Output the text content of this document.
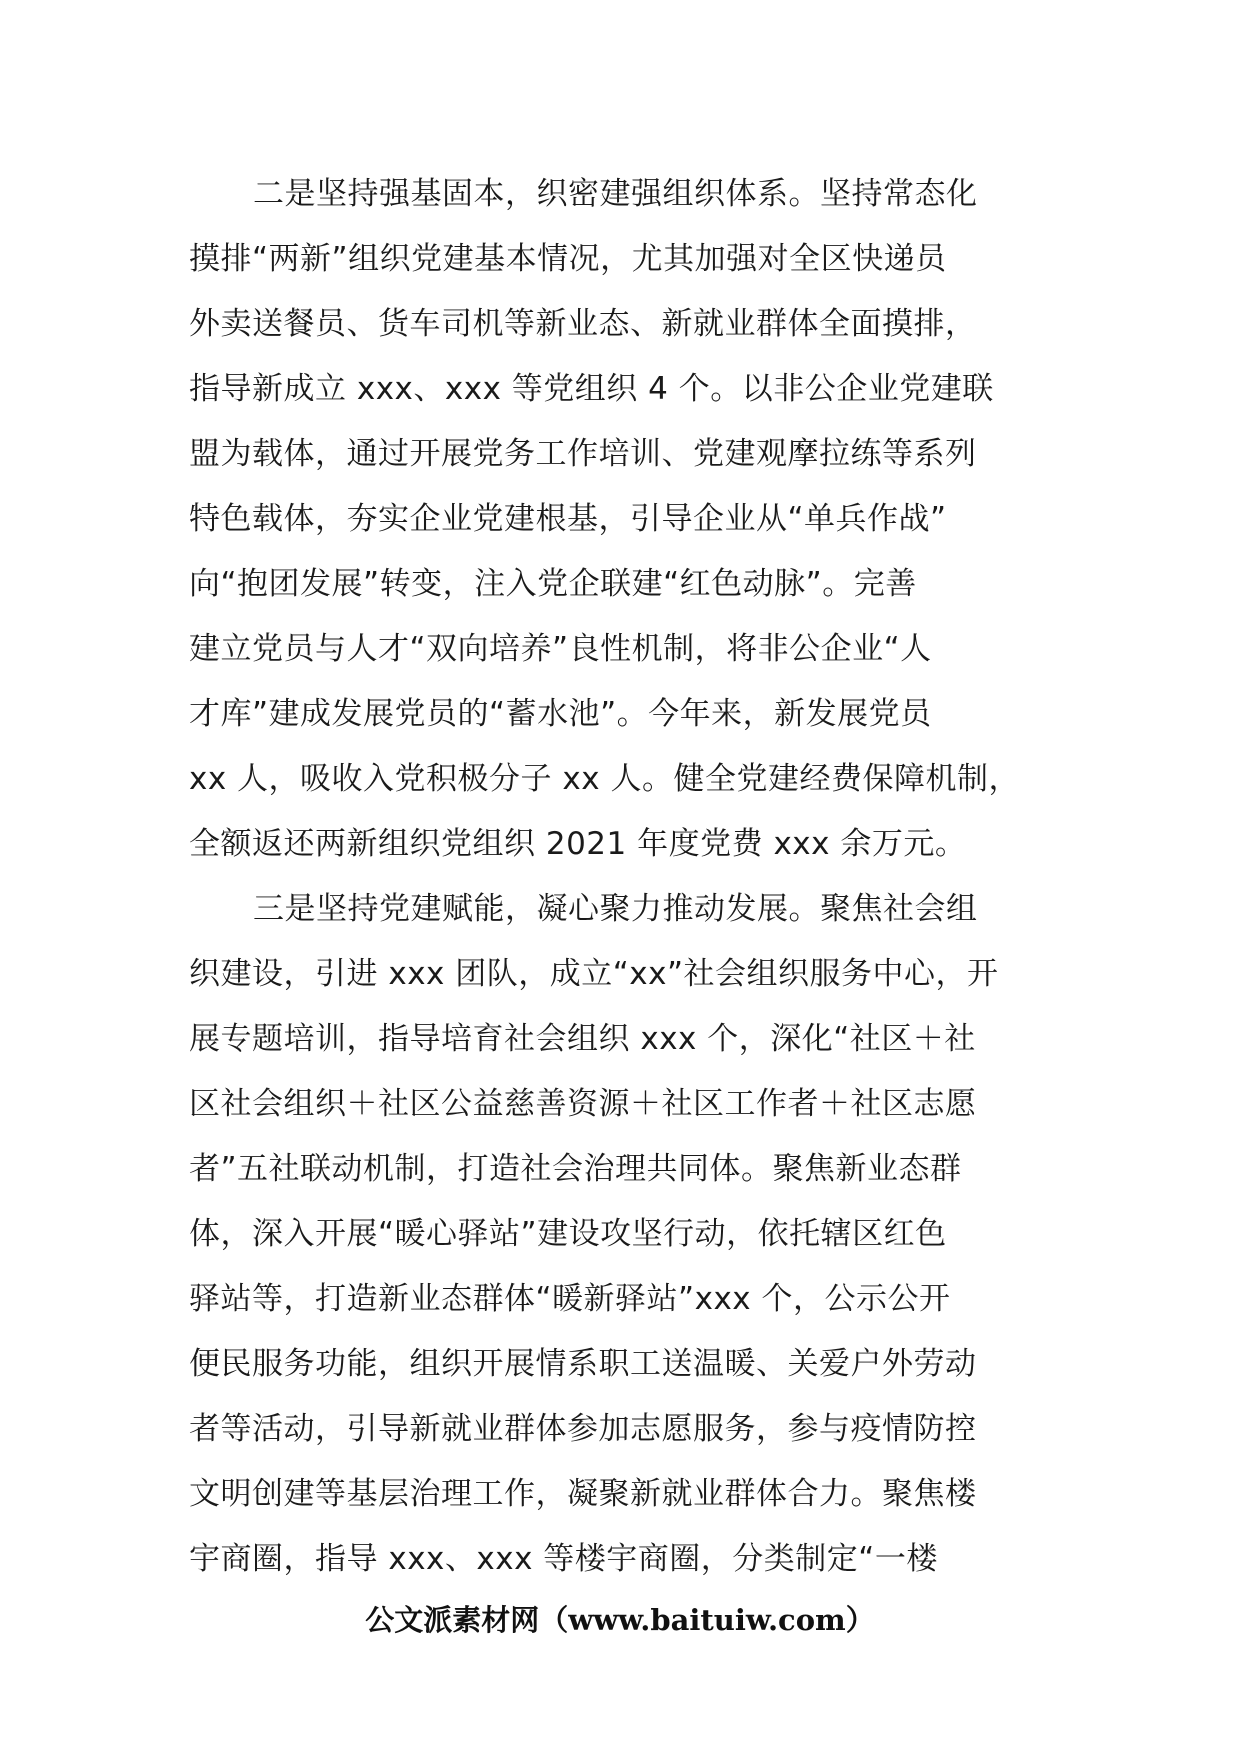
二是坚持强基固本，织密建强组织体系。坚持常态化
摸排“两新”组织党建基本情况，尤其加强对全区快递员
外卖送餐员、货车司机等新业态、新就业群体全面摸排，
指导新成立 xxx、xxx 等党组织 4 个。以非公企业党建联
盟为载体，通过开展党务工作培训、党建观摩拉练等系列
特色载体，夯实企业党建根基，引导企业从“单兵作战”
向“抱团发展”转变，注入党企联建“红色动脉”。完善
建立党员与人才“双向培养”良性机制，将非公企业“人
才库”建成发展党员的“蓄水池”。今年来，新发展党员
xx 人，吸收入党积极分子 xx 人。健全党建经费保障机制，
全额返还两新组织党组织 2021 年度党费 xxx 余万元。
三是坚持党建赋能，凝心聚力推动发展。聚焦社会组
织建设，引进 xxx 团队，成立“xx”社会组织服务中心，开
展专题培训，指导培育社会组织 xxx 个，深化“社区＋社
区社会组织＋社区公益慈善资源＋社区工作者＋社区志愿
者”五社联动机制，打造社会治理共同体。聚焦新业态群
体，深入开展“暖心驿站”建设攻坚行动，依托辖区红色
驿站等，打造新业态群体“暖新驿站”xxx 个，公示公开
便民服务功能，组织开展情系职工送温暖、关爱户外劳动
者等活动，引导新就业群体参加志愿服务，参与疫情防控
文明创建等基层治理工作，凝聚新就业群体合力。聚焦楼
宇商圈，指导 xxx、xxx 等楼宇商圈，分类制定“一楼
公文派素材网（www.baituiw.com）
